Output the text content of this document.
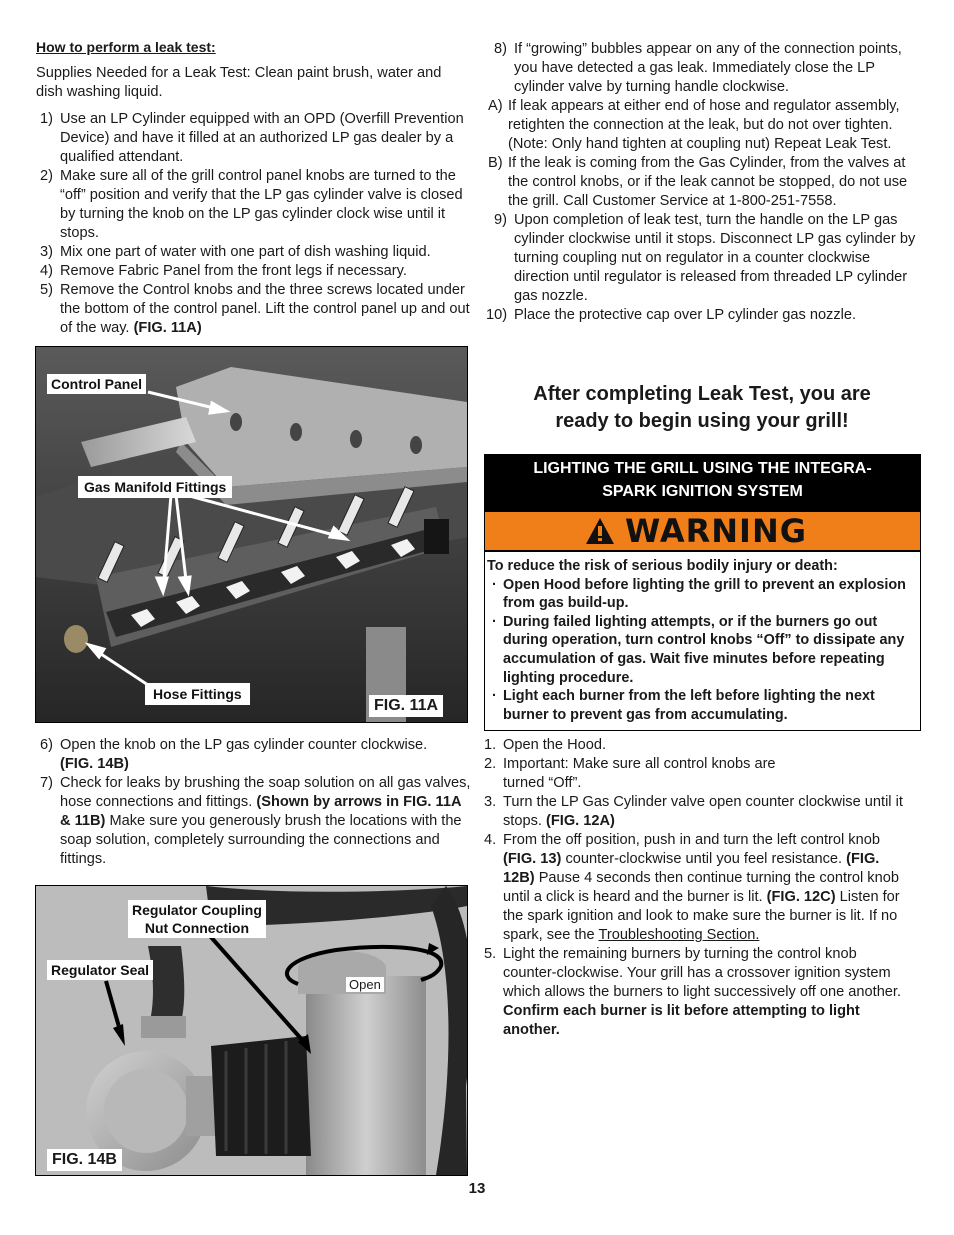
How to perform a leak test:

Supplies Needed for a Leak Test: Clean paint brush, water and dish washing liquid.

1) Use an LP Cylinder equipped with an OPD (Overfill Prevention Device) and have it filled at an authorized LP gas dealer by a qualified attendant.
2) Make sure all of the grill control panel knobs are turned to the “off” position and verify that the LP gas cylinder valve is closed by turning the knob on the LP gas cylinder clock wise until it stops.
3) Mix one part of water with one part of dish washing liquid.
4) Remove Fabric Panel from the front legs if necessary.
5) Remove the Control knobs and the three screws located under the bottom of the control panel. Lift the control panel up and out of the way. (FIG. 11A)
Control Panel
Gas Manifold Fittings
Hose Fittings
FIG. 11A
6) Open the knob on the LP gas cylinder counter clockwise.
(FIG. 14B)
7) Check for leaks by brushing the soap solution on all gas valves, hose connections and fittings. (Shown by arrows in FIG. 11A & 11B) Make sure you generously brush the locations with the soap solution, completely surrounding the connections and fittings.
Regulator Coupling
Nut Connection
Regulator Seal
Open
FIG. 14B
8) If “growing” bubbles appear on any of the connection points, you have detected a gas leak. Immediately close the LP cylinder valve by turning handle clockwise.
A) If leak appears at either end of hose and regulator assembly, retighten the connection at the leak, but do not over tighten. (Note: Only hand tighten at coupling nut) Repeat Leak Test.
B) If the leak is coming from the Gas Cylinder, from the valves at the control knobs, or if the leak cannot be stopped, do not use the grill. Call Customer Service at 1-800-251-7558.
9) Upon completion of leak test, turn the handle on the LP gas cylinder clockwise until it stops. Disconnect LP gas cylinder by turning coupling nut on regulator in a counter clockwise direction until regulator is released from threaded LP cylinder gas nozzle.
10) Place the protective cap over LP cylinder gas nozzle.
After completing Leak Test, you are
ready to begin using your grill!
LIGHTING THE GRILL USING THE INTEGRA-
SPARK IGNITION SYSTEM
WARNING
To reduce the risk of serious bodily injury or death:
· Open Hood before lighting the grill to prevent an explosion from gas build-up.
· During failed lighting attempts, or if the burners go out during operation, turn control knobs “Off” to dissipate any accumulation of gas. Wait five minutes before repeating lighting procedure.
· Light each burner from the left before lighting the next burner to prevent gas from accumulating.
1. Open the Hood.
2. Important: Make sure all control knobs are
turned “Off”.
3. Turn the LP Gas Cylinder valve open counter clockwise until it stops. (FIG. 12A)
4. From the off position, push in and turn the left control knob (FIG. 13) counter-clockwise until you feel resistance. (FIG. 12B) Pause 4 seconds then continue turning the control knob until a click is heard and the burner is lit. (FIG. 12C) Listen for the spark ignition and look to make sure the burner is lit. If no spark, see the Troubleshooting Section.
5. Light the remaining burners by turning the control knob counter-clockwise. Your grill has a crossover ignition system which allows the burners to light successively off one another. Confirm each burner is lit before attempting to light another.
13
